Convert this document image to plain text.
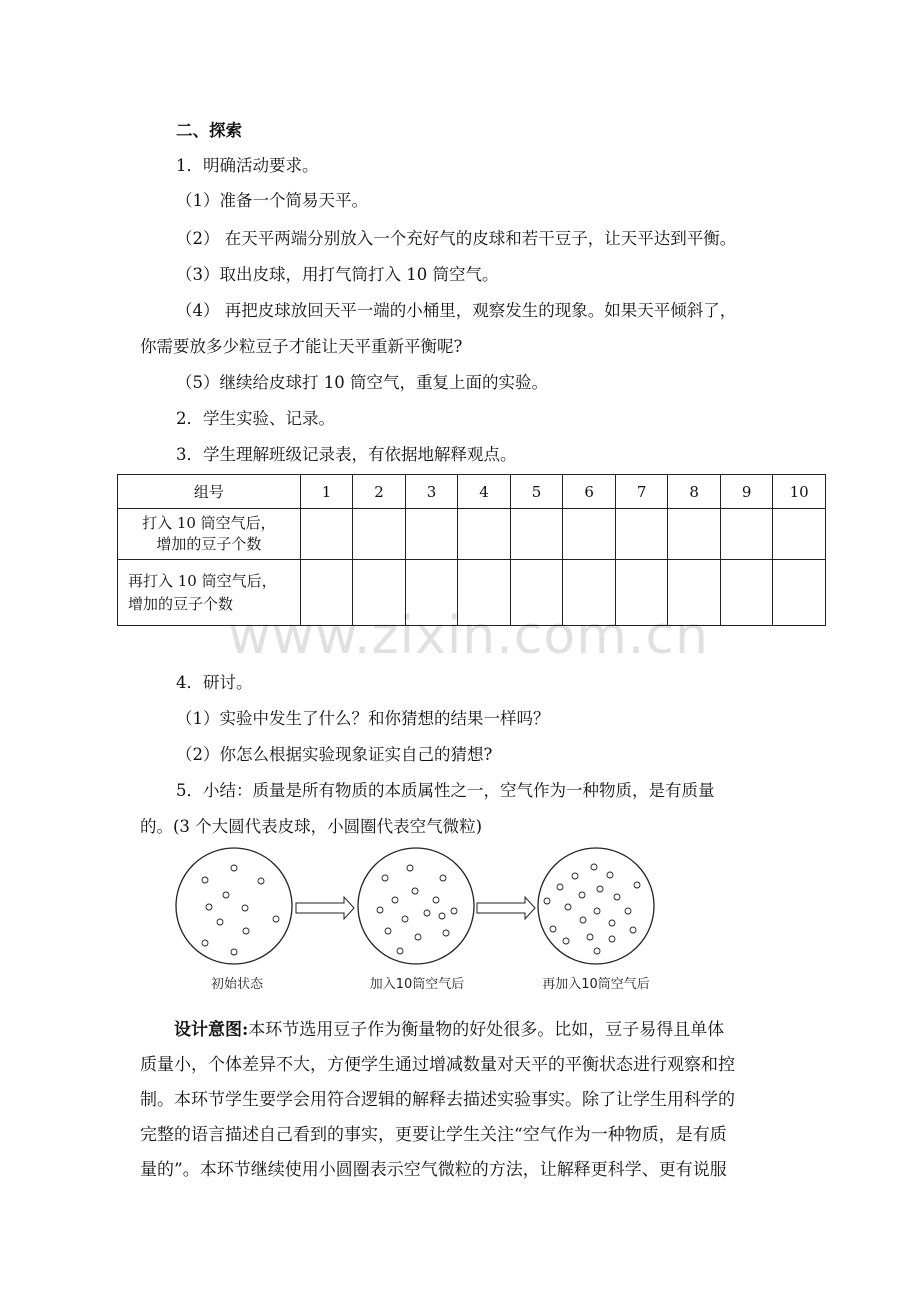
二、探索
1．明确活动要求。
（1）准备一个简易天平。
（2） 在天平两端分别放入一个充好气的皮球和若干豆子，让天平达到平衡。
（3）取出皮球，用打气筒打入 10 筒空气。
（4） 再把皮球放回天平一端的小桶里，观察发生的现象。如果天平倾斜了，
你需要放多少粒豆子才能让天平重新平衡呢?
（5）继续给皮球打 10 筒空气，重复上面的实验。
2．学生实验、记录。
3．学生理解班级记录表，有依据地解释观点。
组号	1	2	3	4	5	6	7	8	9	10

打入 10 筒空气后，
增加的豆子个数										

再打入 10 筒空气后，
增加的豆子个数										

www.zixin.com.cn
4．研讨。
（1）实验中发生了什么？和你猜想的结果一样吗？
（2）你怎么根据实验现象证实自己的猜想?
5．小结：质量是所有物质的本质属性之一，空气作为一种物质，是有质量
的。(3 个大圆代表皮球，小圆圈代表空气微粒)
初始状态	加入10筒空气后	再加入10筒空气后
设计意图:本环节选用豆子作为衡量物的好处很多。比如，豆子易得且单体
质量小，个体差异不大，方便学生通过增减数量对天平的平衡状态进行观察和控
制。本环节学生要学会用符合逻辑的解释去描述实验事实。除了让学生用科学的
完整的语言描述自己看到的事实，更要让学生关注“空气作为一种物质，是有质
量的”。本环节继续使用小圆圈表示空气微粒的方法，让解释更科学、更有说服
